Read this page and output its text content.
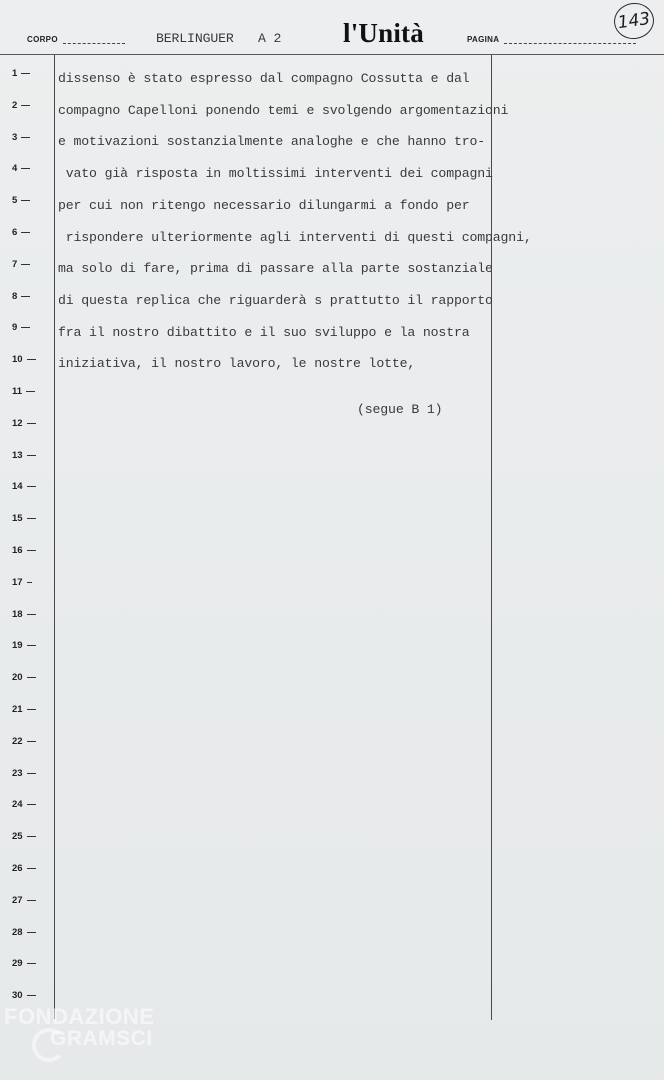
CORPO	BERLINGUER A 2 l'Unità	PAGINA
143
1
2
3
4
5
6
7
8
9
10
11
12
13
14
15
16
17
18
19
20
21
22
23
24
25
26
27
28
29
30
dissenso è stato espresso dal compagno Cossutta e dal
compagno Capelloni ponendo temi e svolgendo argomentazioni
e motivazioni sostanzialmente analoghe e che hanno tro-
vato già risposta in moltissimi interventi dei compagni
per cui non ritengo necessario dilungarmi a fondo per
rispondere ulteriormente agli interventi di questi compagni,
ma solo di fare, prima di passare alla parte sostanziale
di questa replica che riguarderà s prattutto il rapporto
fra il nostro dibattito e il suo sviluppo e la nostra
iniziativa, il nostro lavoro, le nostre lotte,
(segue B 1)
FONDAZIONE
GRAMSCI
